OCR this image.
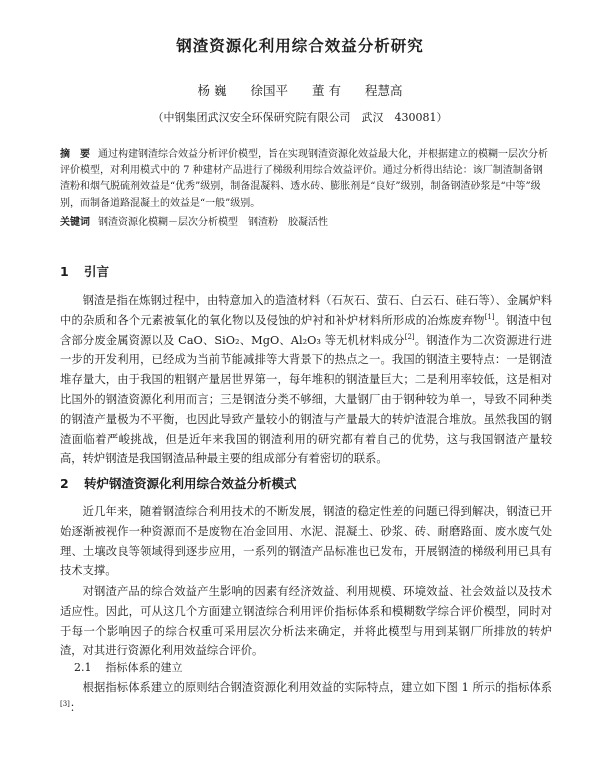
钢渣资源化利用综合效益分析研究
杨 巍 徐国平 董 有 程慧高
（中钢集团武汉安全环保研究院有限公司　武汉　430081）
摘　要 通过构建钢渣综合效益分析评价模型，旨在实现钢渣资源化效益最大化，并根据建立的模糊一层次分析评价模型，对利用模式中的 7 种建材产品进行了梯级利用综合效益评价。通过分析得出结论：该厂制渣制备钢渣粉和烟气脱硫剂效益是“优秀”级别，制备混凝料、透水砖、膨胀剂是“良好”级别，制备钢渣砂浆是“中等”级别，而制备道路混凝土的效益是“一般”级别。
关键词 钢渣资源化模糊－层次分析模型　钢渣粉　胶凝活性
1 引言
钢渣是指在炼钢过程中，由特意加入的造渣材料（石灰石、萤石、白云石、硅石等）、金属炉料中的杂质和各个元素被氧化的氧化物以及侵蚀的炉衬和补炉材料所形成的冶炼废弃物[1]。钢渣中包含部分废金属资源以及 CaO、SiO₂、MgO、Al₂O₃ 等无机材料成分[2]。钢渣作为二次资源进行进一步的开发利用，已经成为当前节能减排等大背景下的热点之一。我国的钢渣主要特点：一是钢渣堆存量大，由于我国的粗钢产量居世界第一，每年堆积的钢渣量巨大；二是利用率较低，这是相对比国外的钢渣资源化利用而言；三是钢渣分类不够细，大量钢厂由于钢种较为单一，导致不同种类的钢渣产量极为不平衡，也因此导致产量较小的钢渣与产量最大的转炉渣混合堆放。虽然我国的钢渣面临着严峻挑战，但是近年来我国的钢渣利用的研究都有着自己的优势，这与我国钢渣产量较高，转炉钢渣是我国钢渣品种最主要的组成部分有着密切的联系。
2 转炉钢渣资源化利用综合效益分析模式
近几年来，随着钢渣综合利用技术的不断发展，钢渣的稳定性差的问题已得到解决，钢渣已开始逐渐被视作一种资源而不是废物在冶金回用、水泥、混凝土、砂浆、砖、耐磨路面、废水废气处理、土壤改良等领域得到逐步应用，一系列的钢渣产品标准也已发布，开展钢渣的梯级利用已具有技术支撑。
对钢渣产品的综合效益产生影响的因素有经济效益、利用规模、环境效益、社会效益以及技术适应性。因此，可从这几个方面建立钢渣综合利用评价指标体系和模糊数学综合评价模型，同时对于每一个影响因子的综合权重可采用层次分析法来确定，并将此模型与用到某钢厂所排放的转炉渣，对其进行资源化利用效益综合评价。
2.1 指标体系的建立
根据指标体系建立的原则结合钢渣资源化利用效益的实际特点，建立如下图 1 所示的指标体系[3]：
